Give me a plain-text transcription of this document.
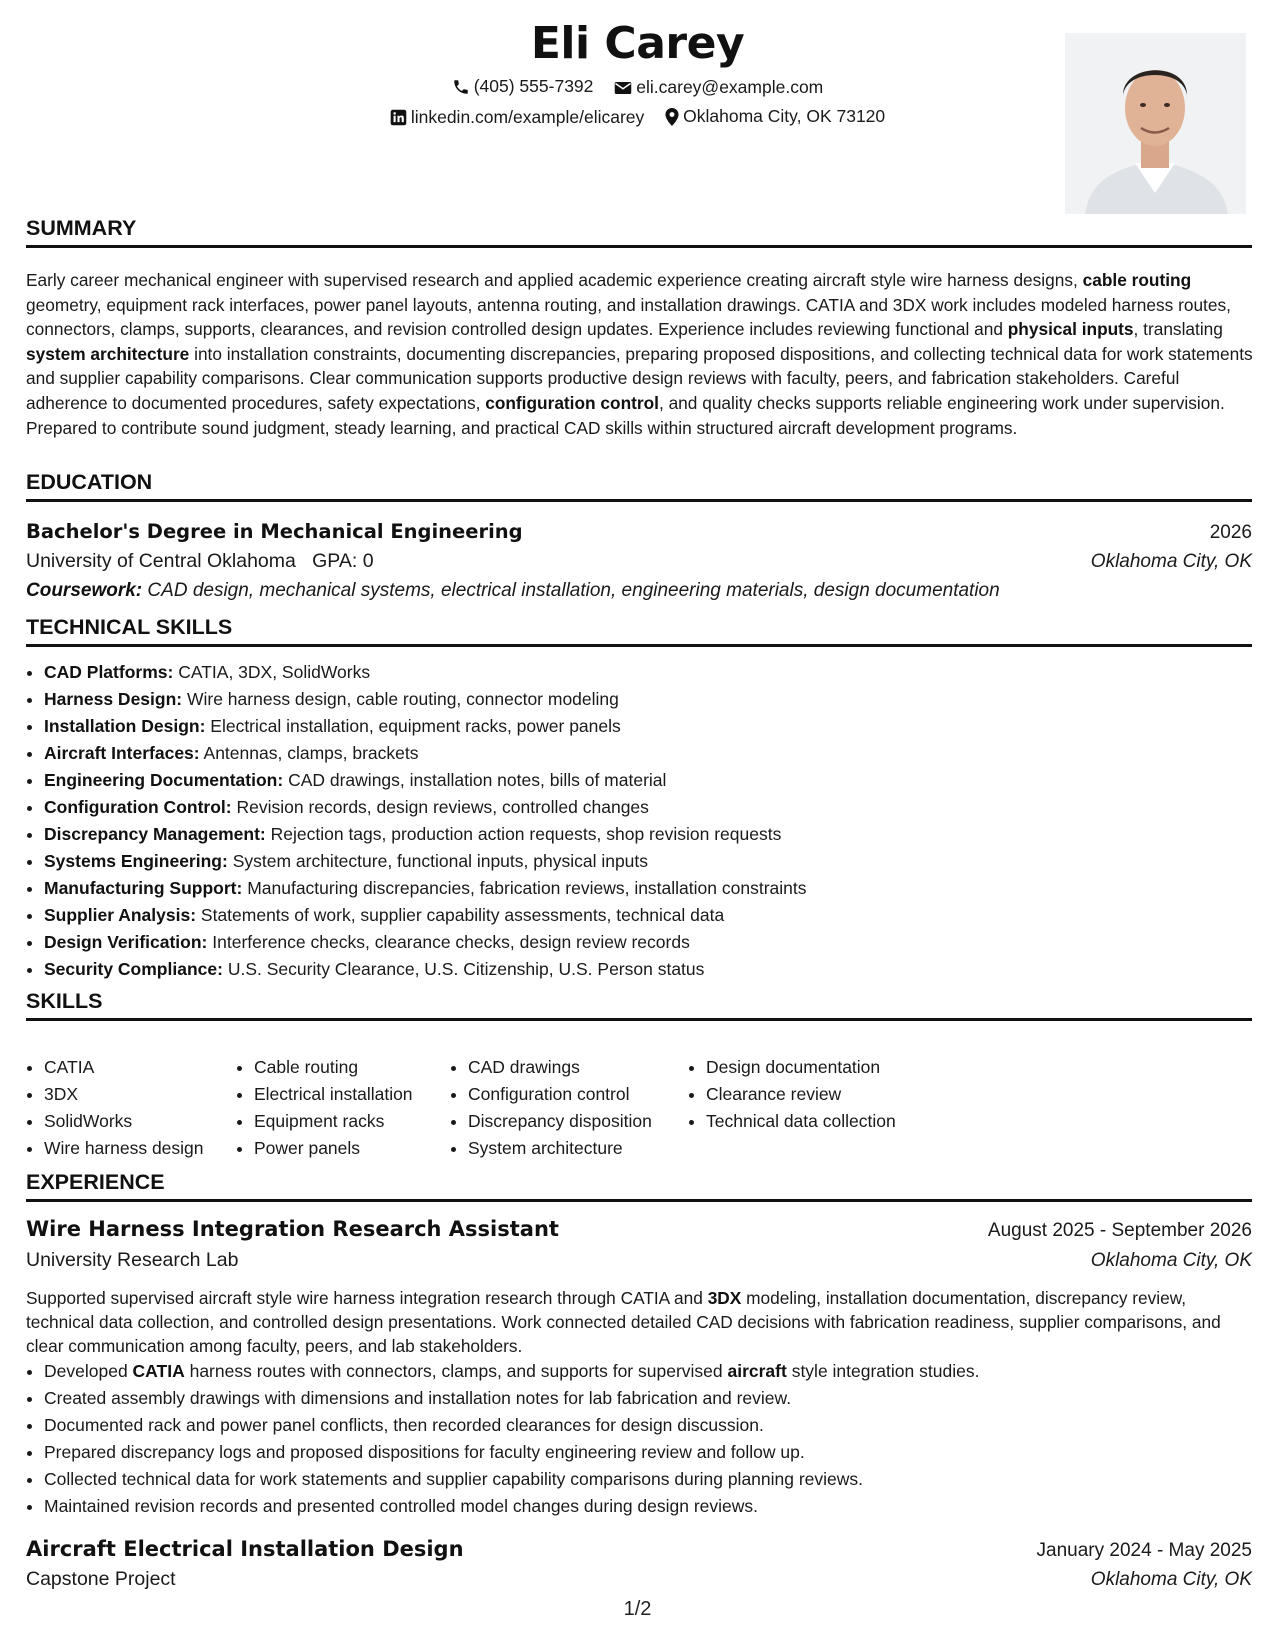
Eli Carey
(405) 555-7392
eli.carey@example.com
linkedin.com/example/elicarey
Oklahoma City, OK 73120
SUMMARY
Early career mechanical engineer with supervised research and applied academic experience creating aircraft style wire harness designs, cable routing geometry, equipment rack interfaces, power panel layouts, antenna routing, and installation drawings. CATIA and 3DX work includes modeled harness routes, connectors, clamps, supports, clearances, and revision controlled design updates. Experience includes reviewing functional and physical inputs, translating system architecture into installation constraints, documenting discrepancies, preparing proposed dispositions, and collecting technical data for work statements and supplier capability comparisons. Clear communication supports productive design reviews with faculty, peers, and fabrication stakeholders. Careful adherence to documented procedures, safety expectations, configuration control, and quality checks supports reliable engineering work under supervision. Prepared to contribute sound judgment, steady learning, and practical CAD skills within structured aircraft development programs.
EDUCATION
Bachelor's Degree in Mechanical Engineering	2026
University of Central Oklahoma GPA: 0	Oklahoma City, OK
Coursework: CAD design, mechanical systems, electrical installation, engineering materials, design documentation
TECHNICAL SKILLS
• CAD Platforms: CATIA, 3DX, SolidWorks
• Harness Design: Wire harness design, cable routing, connector modeling
• Installation Design: Electrical installation, equipment racks, power panels
• Aircraft Interfaces: Antennas, clamps, brackets
• Engineering Documentation: CAD drawings, installation notes, bills of material
• Configuration Control: Revision records, design reviews, controlled changes
• Discrepancy Management: Rejection tags, production action requests, shop revision requests
• Systems Engineering: System architecture, functional inputs, physical inputs
• Manufacturing Support: Manufacturing discrepancies, fabrication reviews, installation constraints
• Supplier Analysis: Statements of work, supplier capability assessments, technical data
• Design Verification: Interference checks, clearance checks, design review records
• Security Compliance: U.S. Security Clearance, U.S. Citizenship, U.S. Person status
SKILLS
• CATIA
• 3DX
• SolidWorks
• Wire harness design
• Cable routing
• Electrical installation
• Equipment racks
• Power panels
• CAD drawings
• Configuration control
• Discrepancy disposition
• System architecture
• Design documentation
• Clearance review
• Technical data collection
EXPERIENCE
Wire Harness Integration Research Assistant	August 2025 - September 2026
University Research Lab	Oklahoma City, OK
Supported supervised aircraft style wire harness integration research through CATIA and 3DX modeling, installation documentation, discrepancy review, technical data collection, and controlled design presentations. Work connected detailed CAD decisions with fabrication readiness, supplier comparisons, and clear communication among faculty, peers, and lab stakeholders.
• Developed CATIA harness routes with connectors, clamps, and supports for supervised aircraft style integration studies.
• Created assembly drawings with dimensions and installation notes for lab fabrication and review.
• Documented rack and power panel conflicts, then recorded clearances for design discussion.
• Prepared discrepancy logs and proposed dispositions for faculty engineering review and follow up.
• Collected technical data for work statements and supplier capability comparisons during planning reviews.
• Maintained revision records and presented controlled model changes during design reviews.
Aircraft Electrical Installation Design	January 2024 - May 2025
Capstone Project	Oklahoma City, OK
1/2
